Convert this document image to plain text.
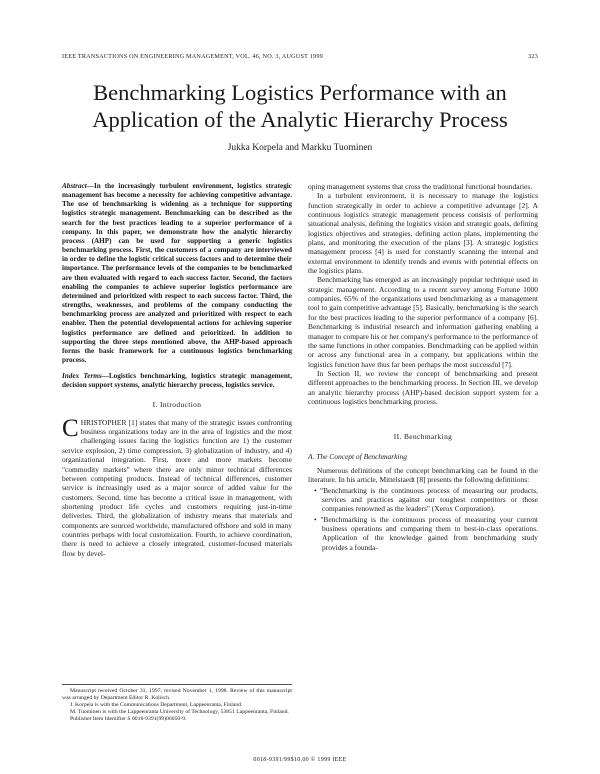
IEEE TRANSACTIONS ON ENGINEERING MANAGEMENT, VOL. 46, NO. 3, AUGUST 1999	323
Benchmarking Logistics Performance with an
Application of the Analytic Hierarchy Process
Jukka Korpela and Markku Tuominen

Abstract—In the increasingly turbulent environment, logistics strategic management has become a necessity for achieving competitive advantage. The use of benchmarking is widening as a technique for supporting logistics strategic management. Benchmarking can be described as the search for the best practices leading to a superior performance of a company. In this paper, we demonstrate how the analytic hierarchy process (AHP) can be used for supporting a generic logistics benchmarking process. First, the customers of a company are interviewed in order to define the logistic critical success factors and to determine their importance. The performance levels of the companies to be benchmarked are then evaluated with regard to each success factor. Second, the factors enabling the companies to achieve superior logistics performance are determined and prioritized with respect to each success factor. Third, the strengths, weaknesses, and problems of the company conducting the benchmarking process are analyzed and prioritized with respect to each enabler. Then the potential developmental actions for achieving superior logistics performance are defined and prioritized. In addition to supporting the three steps mentioned above, the AHP-based approach forms the basic framework for a continuous logistics benchmarking process.

Index Terms—Logistics benchmarking, logistics strategic management, decision support systems, analytic hierarchy process, logistics service.

I. Introduction

CHRISTOPHER [1] states that many of the strategic issues confronting business organizations today are in the area of logistics and the most challenging issues facing the logistics function are 1) the customer service explosion, 2) time compression, 3) globalization of industry, and 4) organizational integration. First, more and more markets become "commodity markets" where there are only minor technical differences between competing products. Instead of technical differences, customer service is increasingly used as a major source of added value for the customers. Second, time has become a critical issue in management, with shortening product life cycles and customers requiring just-in-time deliveries. Third, the globalization of industry means that materials and components are sourced worldwide, manufactured offshore and sold in many countries perhaps with local customization. Fourth, to achieve coordination, there is need to achieve a closely integrated, customer-focused materials flow by devel-

Manuscript received October 31, 1997; revised November 1, 1998. Review of this manuscript was arranged by Department Editor R. Kolisch.

J. Korpela is with the Communications Department, Lappeenranta, Finland.

M. Tuominen is with the Lappeenranta University of Technology, 53851 Lappeenranta, Finland.

Publisher Item Identifier S 0018-9391(99)06050-9.

oping management systems that cross the traditional functional boundaries.

In a turbulent environment, it is necessary to manage the logistics function strategically in order to achieve a competitive advantage [2]. A continuous logistics strategic management process consists of performing situational analysis, defining the logistics vision and strategic goals, defining logistics objectives and strategies, defining action plans, implementing the plans, and monitoring the execution of the plans [3]. A strategic logistics management process [4] is used for constantly scanning the internal and external environment to identify trends and events with potential effects on the logistics plans.

Benchmarking has emerged as an increasingly popular technique used in strategic management. According to a recent survey among Fortune 1000 companies, 65% of the organizations used benchmarking as a management tool to gain competitive advantage [5]. Basically, benchmarking is the search for the best practices leading to the superior performance of a company [6]. Benchmarking is industrial research and information gathering enabling a manager to compare his or her company's performance to the performance of the same functions in other companies. Benchmarking can be applied within or across any functional area in a company, but applications within the logistics function have thus far been perhaps the most successful [7].

In Section II, we review the concept of benchmarking and present different approaches to the benchmarking process. In Section III, we develop an analytic hierarchy process (AHP)-based decision support system for a continuous logistics benchmarking process.

II. Benchmarking
A. The Concept of Benchmarking

Numerous definitions of the concept benchmarking can be found in the literature. In his article, Mittelstaedt [8] presents the following definitions:

• "Benchmarking is the continuous process of measuring our products, services and practices against our toughest competitors or those companies renowned as the leaders" (Xerox Corporation).

• "Benchmarking is the continuous process of measuring your current business operations and comparing them to best-in-class operations. Application of the knowledge gained from benchmarking study provides a founda-

0018-9391/99$10.00 © 1999 IEEE
